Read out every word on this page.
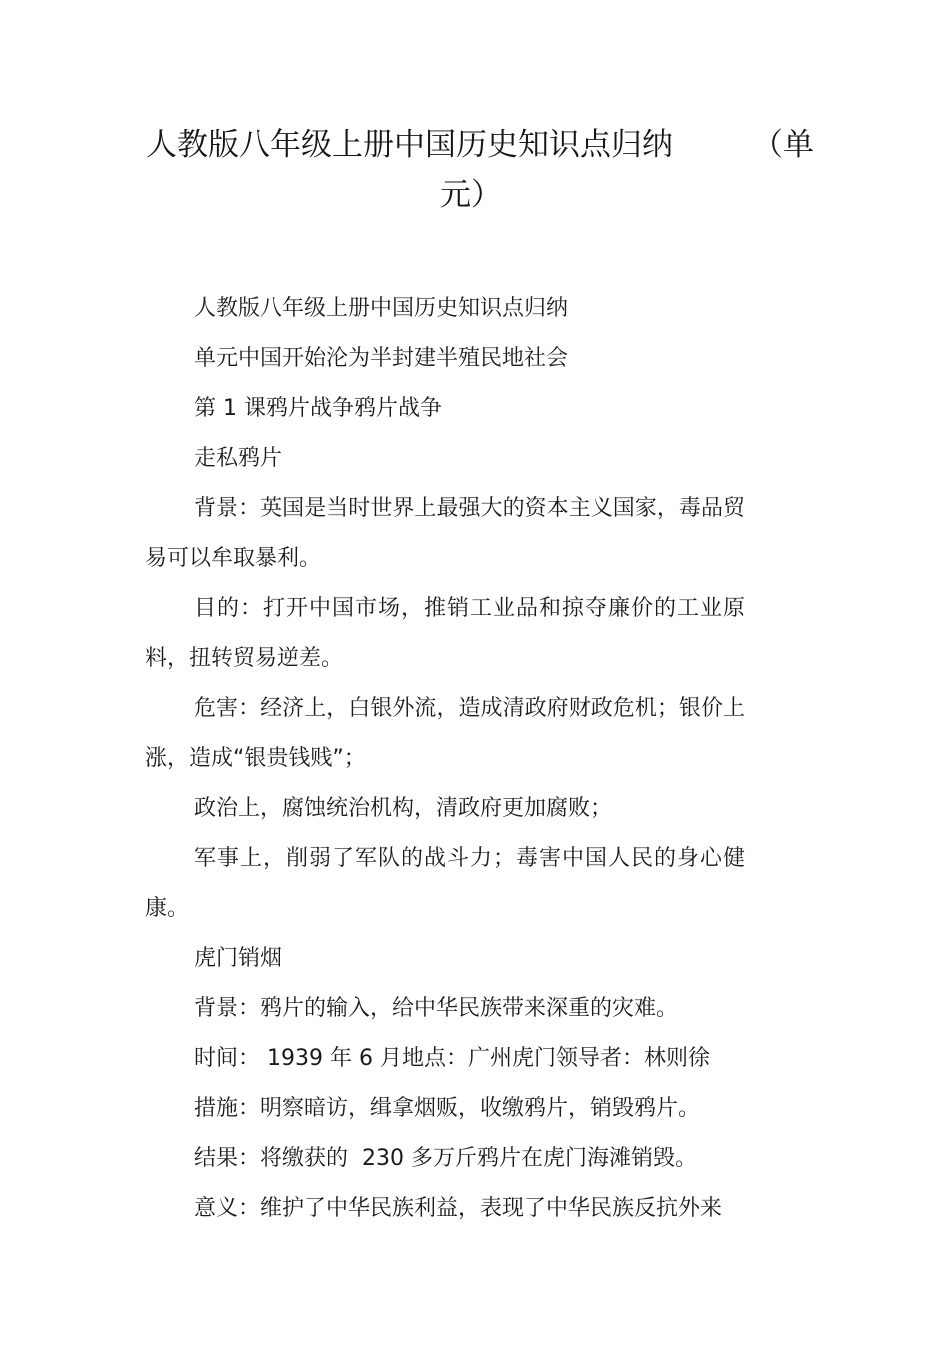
人教版八年级上册中国历史知识点归纳	（单
元）

人教版八年级上册中国历史知识点归纳

单元中国开始沦为半封建半殖民地社会

第 1 课鸦片战争鸦片战争

走私鸦片

背景：英国是当时世界上最强大的资本主义国家，毒品贸易可以牟取暴利。

目的：打开中国市场，推销工业品和掠夺廉价的工业原料，扭转贸易逆差。

危害：经济上，白银外流，造成清政府财政危机；银价上涨，造成“银贵钱贱”；

政治上，腐蚀统治机构，清政府更加腐败；

军事上，削弱了军队的战斗力；毒害中国人民的身心健康。

虎门销烟

背景：鸦片的输入，给中华民族带来深重的灾难。

时间： 1939 年 6 月地点：广州虎门领导者：林则徐

措施：明察暗访，缉拿烟贩，收缴鸦片，销毁鸦片。

结果：将缴获的  230 多万斤鸦片在虎门海滩销毁。

意义：维护了中华民族利益，表现了中华民族反抗外来
